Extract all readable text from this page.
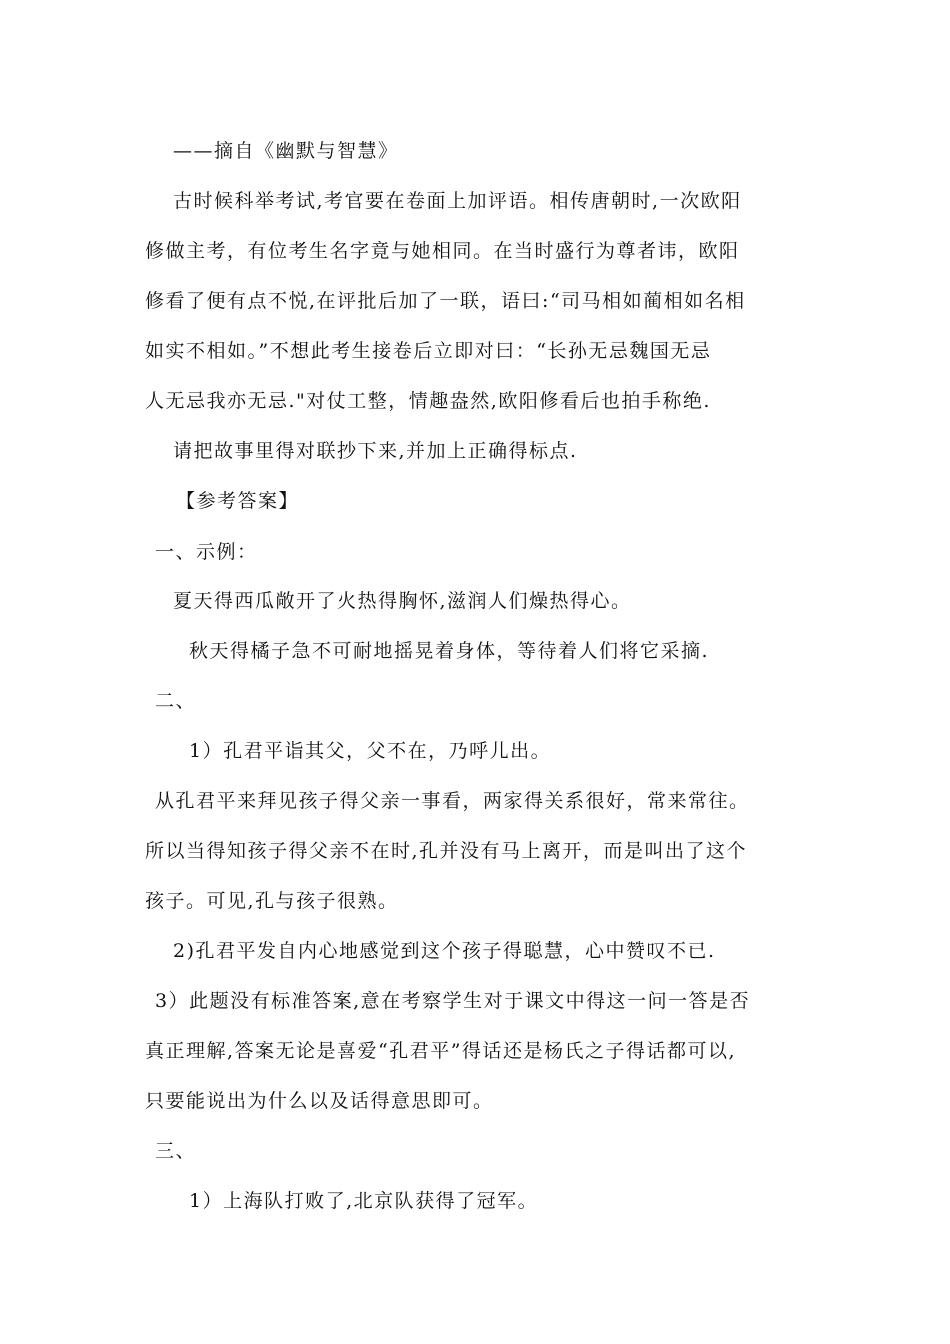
——摘自《幽默与智慧》
古时候科举考试,考官要在卷面上加评语。相传唐朝时,一次欧阳
修做主考，有位考生名字竟与她相同。在当时盛行为尊者讳，欧阳
修看了便有点不悦,在评批后加了一联，语曰:“司马相如蔺相如名相
如实不相如。”不想此考生接卷后立即对曰：“长孙无忌魏国无忌
人无忌我亦无忌."对仗工整，情趣盎然,欧阳修看后也拍手称绝.
请把故事里得对联抄下来,并加上正确得标点.
【参考答案】
一、示例：
夏天得西瓜敞开了火热得胸怀,滋润人们燥热得心。
秋天得橘子急不可耐地摇晃着身体，等待着人们将它采摘.
二、
1）孔君平诣其父，父不在，乃呼儿出。
从孔君平来拜见孩子得父亲一事看，两家得关系很好，常来常往。
所以当得知孩子得父亲不在时,孔并没有马上离开，而是叫出了这个
孩子。可见,孔与孩子很熟。
2)孔君平发自内心地感觉到这个孩子得聪慧，心中赞叹不已.
3）此题没有标准答案,意在考察学生对于课文中得这一问一答是否
真正理解,答案无论是喜爱“孔君平”得话还是杨氏之子得话都可以,
只要能说出为什么以及话得意思即可。
三、
1）上海队打败了,北京队获得了冠军。
